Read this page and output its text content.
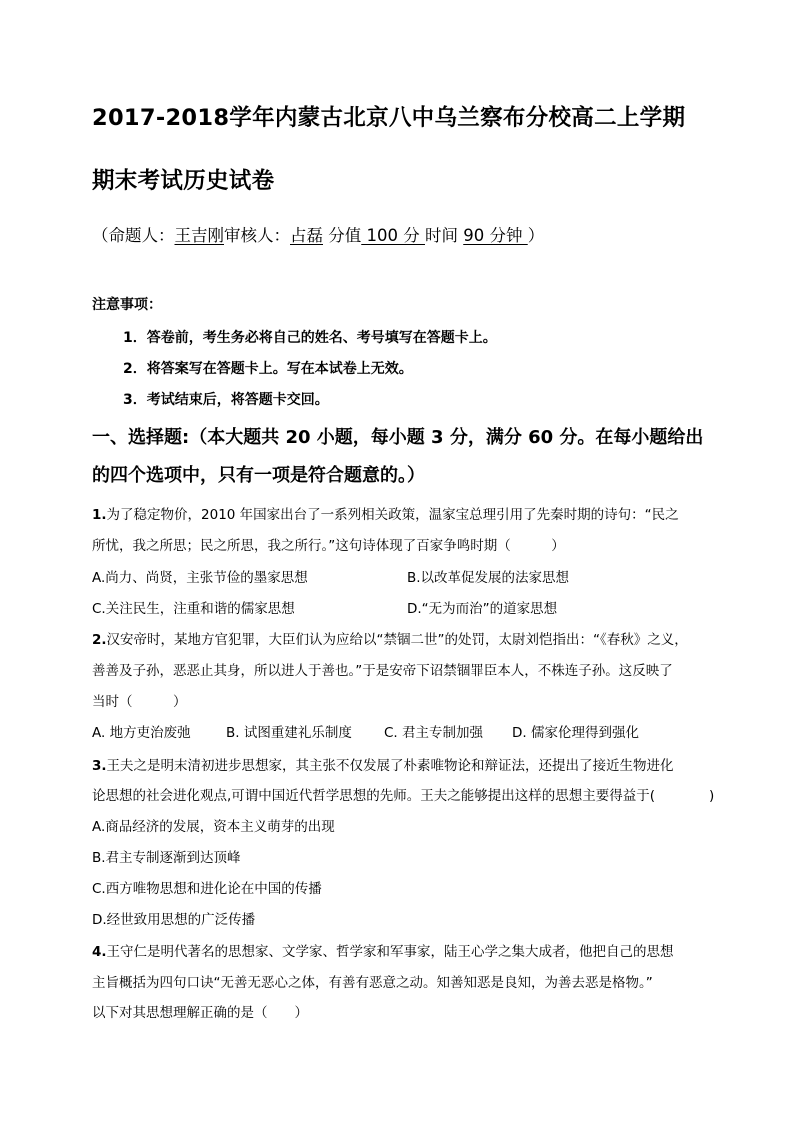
2017-2018学年内蒙古北京八中乌兰察布分校高二上学期
期末考试历史试卷
（命题人：王吉刚审核人：占磊 分值 100 分 时间 90 分钟 ）
注意事项：
1．答卷前，考生务必将自己的姓名、考号填写在答题卡上。
2．将答案写在答题卡上。写在本试卷上无效。
3．考试结束后，将答题卡交回。
一、选择题:（本大题共 20 小题，每小题 3 分，满分 60 分。在每小题给出
的四个选项中，只有一项是符合题意的。）
1.为了稳定物价，2010 年国家出台了一系列相关政策，温家宝总理引用了先秦时期的诗句：“民之
所忧，我之所思；民之所思，我之所行。”这句诗体现了百家争鸣时期（　　　）
A.尚力、尚贤，主张节俭的墨家思想	B.以改革促发展的法家思想
C.关注民生，注重和谐的儒家思想	D.“无为而治”的道家思想
2.汉安帝时，某地方官犯罪，大臣们认为应给以“禁锢二世”的处罚，太尉刘恺指出：“《春秋》之义，
善善及子孙，恶恶止其身，所以进人于善也。”于是安帝下诏禁锢罪臣本人，不株连子孙。这反映了
当时（　　　）
A. 地方吏治废弛	B. 试图重建礼乐制度 C. 君主专制加强 D. 儒家伦理得到强化
3.王夫之是明末清初进步思想家，其主张不仅发展了朴素唯物论和辩证法，还提出了接近生物进化
论思想的社会进化观点,可谓中国近代哲学思想的先师。王夫之能够提出这样的思想主要得益于(　　　　)
A.商品经济的发展，资本主义萌芽的出现
B.君主专制逐渐到达顶峰
C.西方唯物思想和进化论在中国的传播
D.经世致用思想的广泛传播
4.王守仁是明代著名的思想家、文学家、哲学家和军事家，陆王心学之集大成者，他把自己的思想
主旨概括为四句口诀“无善无恶心之体，有善有恶意之动。知善知恶是良知，为善去恶是格物。”
以下对其思想理解正确的是（　　）
